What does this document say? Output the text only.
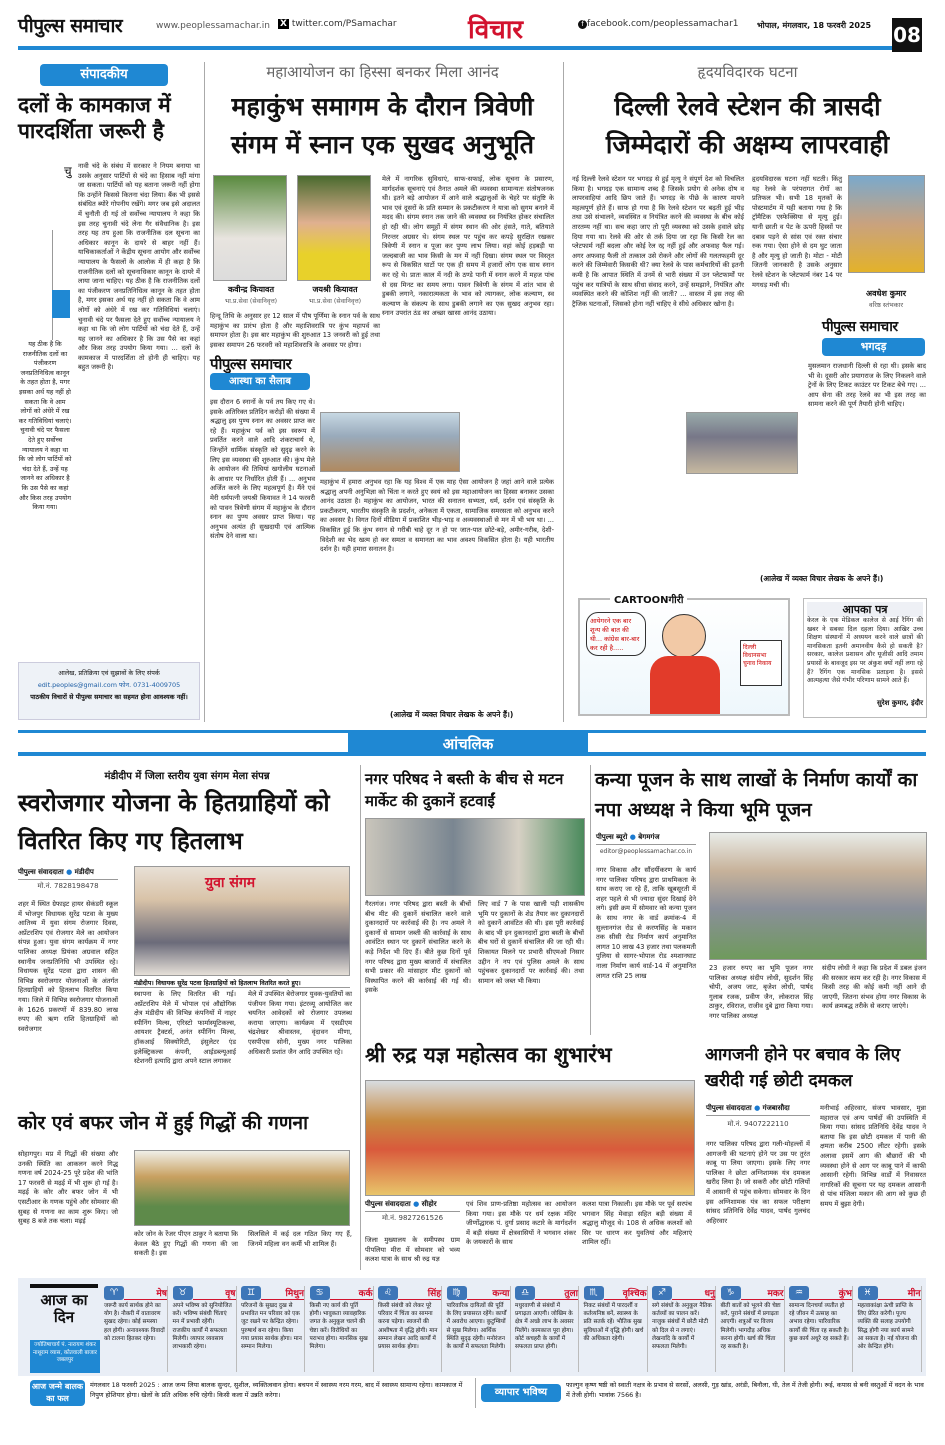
पीपुल्स समाचार	www.peoplessamachar.in X twitter.com/PSamachar	विचार	f facebook.com/peoplessamachar1 भोपाल, मंगलवार, 18 फरवरी 2025 08
संपादकीय
दलों के कामकाज में पारदर्शिता जरूरी है
यह ठीक है कि राजनीतिक दलों का पंजीकरण जनप्रतिनिधित्व कानून के तहत होता है, मगर इसका अर्थ यह नहीं हो सकता कि वे आम लोगों को अंधेरे में रख कर गतिविधियां चलाएं। चुनावी चंदे पर फैसला देते हुए सर्वोच्च न्यायालय ने कहा था कि जो लोग पार्टियों को चंदा देते हैं, उन्हें यह जानने का अधिकार है कि उस पैसे का कहां और किस तरह उपयोग किया गया।
चु नावी चंदे के संबंध में सरकार ने नियम बनाया था उसके अनुसार पार्टियों से चंदे का हिसाब नहीं मांगा जा सकता। पार्टियों को यह बताना जरूरी नहीं होगा कि उन्होंने किससे कितना चंदा लिया। बैंक भी इससे संबंधित ब्योरे गोपनीय रखेंगे। मगर जब इसे अदालत में चुनौती दी गई तो सर्वोच्च न्यायालय ने कहा कि इस तरह चुनावी चंदे लेना गैर संवैधानिक है। इस तरह यह तय हुआ कि राजनीतिक दल सूचना का अधिकार कानून के दायरे से बाहर नहीं हैं। याचिकाकर्ताओं ने केंद्रीय सूचना आयोग और सर्वोच्च न्यायालय के फैसलों के आलोक में ही कहा है कि राजनीतिक दलों को सूचनाधिकार कानून के दायरे में लाया जाना चाहिए। यह ठीक है कि राजनीतिक दलों का पंजीकरण जनप्रतिनिधित्व कानून के तहत होता है, मगर इसका अर्थ यह नहीं हो सकता कि वे आम लोगों को अंधेरे में रख कर गतिविधियां चलाएं। चुनावी चंदे पर फैसला देते हुए सर्वोच्च न्यायालय ने कहा था कि जो लोग पार्टियों को चंदा देते हैं, उन्हें यह जानने का अधिकार है कि उस पैसे का कहां और किस तरह उपयोग किया गया। ... दलों के कामकाज में पारदर्शिता तो होनी ही चाहिए। यह बहुत जरूरी है।
आलेख, प्रतिक्रिया एवं सुझावों के लिए संपर्क
edit.peoples@gmail.com फोन. 0731-4009705
पाठकीय विचारों से पीपुल्स समाचार का सहमत होना आवश्यक नहीं।
महाआयोजन का हिस्सा बनकर मिला आनंद
महाकुंभ समागम के दौरान त्रिवेणी संगम में स्नान एक सुखद अनुभूति
कवीन्द्र कियावत
भा.प्र.सेवा (सेवानिवृत्त)
जयश्री कियावत
भा.प्र.सेवा (सेवानिवृत्त)
हिन्दू तिथि के अनुसार हर 12 साल में पौष पूर्णिमा के स्नान पर्व के साथ महाकुंभ का प्रारंभ होता है और महाशिवरात्रि पर कुंभ महापर्व का समापन होता है। इस बार महाकुंभ की शुरुआत 13 जनवरी को हुई तथा इसका समापन 26 फरवरी को महाशिवरात्रि के अवसर पर होगा।
पीपुल्स समाचार
आस्था का सैलाब
इस दौरान 6 स्नानों के पर्व तय किए गए थे। इसके अतिरिक्त प्रतिदिन करोड़ों की संख्या में श्रद्धालु इस पुण्य स्नान का अवसर प्राप्त कर रहे हैं। महाकुंभ पर्व को इस स्वरूप में प्रवर्तित करने वाले आदि शंकराचार्य थे, जिन्होंने धार्मिक संस्कृति को सुदृढ़ करने के लिए इस व्यवस्था की शुरुआत की। कुंभ मेले के आयोजन की तिथियां खगोलीय घटनाओं के आधार पर निर्धारित होती हैं। ... अनुभव अर्जित करने के लिए महत्वपूर्ण है। मैंने एवं मेरी धर्मपत्नी जयश्री कियावत ने 14 फरवरी को पावन त्रिवेणी संगम में महाकुंभ के दौरान स्नान का पुण्य अवसर प्राप्त किया। यह अनुभव अत्यंत ही सुखदायी एवं आत्मिक संतोष देने वाला था।
मेले में नागरिक सुविधाएं, साफ-सफाई, लोक सूचना के प्रसारण, मार्गदर्शक सूचनाएं एवं तैनात अमले की व्यवस्था सामान्यतः संतोषजनक थी। इतने बड़े आयोजन में आने वाले श्रद्धालुओं के चेहरे पर संतुष्टि के भाव एवं दूसरों के प्रति सम्मान के प्रकटीकरण ने यात्रा को सुगम बनाने में मदद की। संगम स्नान तक जाने की व्यवस्था स्व नियंत्रित होकर संचालित हो रही थी। लोग समूहों में संगम स्थान की ओर हंसते, गाते, बतियाते निरन्तर अग्रसर थे। संगम स्थल पर पहुंच कर कपड़े सुरक्षित रखकर त्रिवेणी में स्नान व पूजा कर पुण्य लाभ लिया। वहां कोई हड़बड़ी या जल्दबाजी का भाव किसी के मन में नहीं दिखा। संगम स्थल पर विस्तृत रूप से विकसित घाटों पर एक ही समय में हजारों लोग एक साथ स्नान कर रहे थे। प्रातः काल में नदी के ठण्डे पानी में स्नान करने में महज पांच से दस मिनट का समय लगा। पावन त्रिवेणी के संगम में शांत भाव से डुबकी लगाने, नकारात्मकता के भाव को त्यागकर, लोक कल्याण, स्व कल्याण के संकल्प के साथ डुबकी लगाने का एक सुखद अनुभव रहा। स्नान उपरांत ठंड का अच्छा खासा आनंद उठाया।
महाकुंभ में हमारा अनुभव रहा कि यह विश्व में एक माह ऐसा आयोजन है जहां आने वाले प्रत्येक श्रद्धालु अपनी अनुभिज्ञा को चिंता न करते हुए स्वयं को इस महाआयोजन का हिस्सा बनाकर उसका आनंद उठाता है। महाकुंभ का आयोजन, भारत की सनातन सभ्यता, धर्म, दर्शन एवं संस्कृति के प्रकटीकरण, भारतीय संस्कृति के प्रदर्शन, अनेकता में एकता, सामाजिक समरसता को अनुभव करने का अवसर है। विगत दिनों मीडिया में प्रकाशित भीड़-भाड़ व अव्यवस्थाओं से मन में भी भय था। ... विकसित हुई कि कुंभ स्नान से गरीबी चाहे दूर न हो पर जात-पात छोटे-बड़े, अमीर-गरीब, देशी-विदेशी का भेद खत्म हो कर समता व समानता का भाव अवश्य विकसित होता है। यही भारतीय दर्शन है। यही हमारा सनातन है।
(आलेख में व्यक्त विचार लेखक के अपने हैं।)
हृदयविदारक घटना
दिल्ली रेलवे स्टेशन की त्रासदी जिम्मेदारों की अक्षम्य लापरवाही
नई दिल्ली रेलवे स्टेशन पर भगदड़ से हुई मृत्यु ने संपूर्ण देश को विचलित किया है। भगदड़ एक सामान्य शब्द है जिसके प्रयोग से अनेक दोष व लापरवाहियां आदि छिप जाते हैं। भगदड़ के पीछे के कारण मायने महत्वपूर्ण होते हैं। साफ हो गया है कि रेलवे स्टेशन पर बढ़ती हुई भीड़ तथा उसे संभालने, व्यवस्थित व नियंत्रित करने की व्यवस्था के बीच कोई तारतम्य नहीं था। सच कहा जाए तो पूरी व्यवस्था को उसके हवाले छोड़ दिया गया था। रेलवे की ओर से तर्क दिया जा रहा कि किसी रेल का प्लेटफार्म नहीं बदला और कोई रेल रद्द नहीं हुई और अफवाह फैल गई। अगर अफवाह फैली तो तत्काल उसे रोकने और लोगों की गलतफहमी दूर करने की जिम्मेवारी किसकी थी? क्या रेलवे के पास कर्मचारियों की इतनी कमी है कि आपात स्थिति में उनमें से भारी संख्या में उन प्लेटफार्मों पर पहुंच कर यात्रियों के साथ सीधा संवाद करने, उन्हें समझाने, नियंत्रित और व्यवस्थित करने की कोशिश नहीं की जाती? ... वास्तव में इस तरह की ट्रैजिक घटनाओं, जिसको होना नहीं चाहिए वे सीधे अधिकार खोना है।
हृदयविदारक घटना नहीं घटती। किंतु यह रेलवे के परंपरागत रोगों का प्रतिफल भी। सभी 18 मृतकों के पोस्टमार्टम में यही बताया गया है कि ट्रॉमैटिक एस्फेक्सिया से मृत्यु हुई। यानी छाती व पेट के ऊपरी हिस्सों पर दबाव पड़ने से सांस एवं रक्त संचार रुक गया। ऐसा होने से दम घुट जाता है और मृत्यु हो जाती है। मोटा - मोटी जितनी जानकारी है उसके अनुसार रेलवे स्टेशन के प्लेटफार्म नंबर 14 पर मगधड़ मची थी।
अवधेश कुमार
वरिष्ठ स्तंभकार
पीपुल्स समाचार
भगदड़
मुसलमान राजधानी दिल्ली से रहा थी। इसके बाद भी वे। दूसरी ओर प्रयागराज के लिए निकलने वाले ट्रेनों के लिए टिकट काउंटर पर टिकट बेचे गए। ... आप सेना की तरह रेलवे का भी इस तरह का सामना करने की पूर्ण तैयारी होनी चाहिए।
(आलेख में व्यक्त विचार लेखक के अपने हैं।)
CARTOONगीरी
आयेगरने एक बार शून्य की बात की थी... कांग्रेस बार-बार कर रही है.....	दिल्ली विधानसभा चुनाव निकाय
आपका पत्र
केरल के एक मेडिकल कालेज से आई रैगिंग की खबर ने सबका दिल दहला दिया। आखिर उच्च शिक्षण संस्थानों में अध्ययन करने वाले छात्रों की मानसिकता इतनी अमानवीय कैसे हो सकती है? सरकार, कालेज प्रशासन और यूजीसी आदि तमाम प्रयासों के बावजूद इस पर अंकुश क्यों नहीं लगा रहे हैं? रैगिंग एक मानसिक प्रताड़ना है। इससे आत्महत्या जैसे गंभीर परिणाम सामने आते हैं।
सुरेश कुमार, इंदौर
आंचलिक
मंडीदीप में जिला स्तरीय युवा संगम मेला संपन्न
स्वरोजगार योजना के हितग्राहियों को वितरित किए गए हितलाभ
पीपुल्स संवाददाता ● मंडीदीप
मो.नं. 7828198478
शहर में स्थित ग्रेफाइट हायर सेकंडरी स्कूल में भोजपुर विधायक सुरेंद्र पटवा के मुख्य आतिथ्य में युवा संगम रोजगार दिवस, अप्रेंटरशिप एवं रोजगार मेले का आयोजन संपन्न हुआ। युवा संगम कार्यक्रम में नगर पालिका अध्यक्ष प्रियंका अग्रवाल सहित स्थानीय जनप्रतिनिधि भी उपस्थित रहे। विधायक सुरेंद्र पटवा द्वारा शासन की विभिन्न स्वरोजगार योजनाओं के अंतर्गत हितग्राहियों को हितलाभ वितरित किया गया। जिले में विभिन्न स्वरोजगार योजनाओं के 1626 प्रकरणों में 839.80 लाख रुपए की ऋण राशि हितग्राहियों को स्वरोजगार
युवा संगम
मंडीदीप। विधायक सुरेंद्र पटवा हितग्राहियों को हितलाभ वितरित करते हुए।
स्थापना के लिए वितरित की गई। अप्रेंटरशिप मेले में भोपाल एवं औद्योगिक क्षेत्र मंडीदीप की विभिन्न कंपनियों में नाहर स्पीनिंग मिल्स, एरिस्टो फार्मास्यूटिकल्स, आयशर ट्रैक्टर्स, अनंत स्पीनिंग मिल्स, हॉकआई सिक्योरिटी, इंसुलेटर एंड इलेक्ट्रिकल्स कंपनी, आईडब्ल्यूआई स्टेशनरी इत्यादि द्वारा अपने स्टाल लगाकर
मेले में उपस्थित बेरोजगार युवक-युवतियों का पंजीयन किया गया। इंटरव्यू आयोजित कर चयनित आवेदकों को रोजगार उपलब्ध कराया जाएगा। कार्यक्रम में एसडीएम चंद्रशेखर श्रीवास्तव, वृंदावन मीणा, एसपीएस सोनी, मुख्य नगर पालिका अधिकारी प्रशांत जैन आदि उपस्थित रहे।
कोर एवं बफर जोन में हुई गिद्धों की गणना
सोहागपुर। मप्र में गिद्धों की संख्या और उनकी स्थिति का आकलन करने गिद्ध गणना वर्ष 2024-25 पूरे प्रदेश की भांति 17 फरवरी से मढ़ई में भी शुरू हो गई है। मढ़ई के कोर और बफर जोन में भी एसटीआर के गणक पहुंचे और सोमवार की सुबह से गणना का काम शुरू किए। जो सुबह 8 बजे तक चला। मढ़ई
कोर जोन के रेंजर पीएन ठाकुर ने बताया कि केवल बैठे हुए गिद्धों की गणना की जा सकती है। इस
सिलसिले में कई दल गठित किए गए हैं, जिनमें महिला वन कर्मी भी शामिल हैं।
नगर परिषद ने बस्ती के बीच से मटन मार्केट की दुकानें हटवाईं
गैरतगंज। नगर परिषद द्वारा बस्ती के बीचों बीच मीट की दुकानें संचालित करने वाले दुकानदारों पर कार्रवाई की है। नप अमले ने दुकानों से सामान जब्ती की कार्रवाई के साथ आवंटित स्थान पर दुकानें संचालित करने के कड़े निर्देश भी दिए हैं। बीते कुछ दिनों पूर्व नगर परिषद द्वारा मुख्य बाजारों में संचालित सभी प्रकार की मांसाहार मीट दुकानों को विस्थापित करने की कार्रवाई की गई थी। इसके
लिए वार्ड 7 के पास खाली पड़ी शासकीय भूमि पर दुकानों के शेड तैयार कर दुकानदारों को दुकानें आवंटित की थी। इस पूरी कार्रवाई के बाद भी इन दुकानदारों द्वारा बस्ती के बीचों बीच घरों से दुकानें संचालित की जा रही थी। शिकायत मिलने पर प्रभारी सीएमओ निसार उद्दीन ने नप एवं पुलिस अमले के साथ पहुंचकर दुकानदारों पर कार्रवाई की। तथा सामान को जब्त भी किया।
कन्या पूजन के साथ लाखों के निर्माण कार्यों का नपा अध्यक्ष ने किया भूमि पूजन
पीपुल्स ब्यूरो ● बेगमगंज
editor@peoplessamachar.co.in
नगर विकास और सौंदर्यीकरण के कार्य नगर पालिका परिषद द्वारा प्राथमिकता के साथ कराए जा रहे हैं, ताकि खूबसूरती में शहर पहले से भी ज्यादा सुंदर दिखाई देने लगे। इसी क्रम में सोमवार को कन्या पूजन के साथ नगर के वार्ड क्रमांक-4 में सुल्तानगंज रोड से करणसिंह के मकान तक सीसी रोड निर्माण कार्य अनुमानित लागत 10 लाख 43 हजार तथा पलकमती पुलिया से सागर-भोपाल रोड श्मशानघाट नाला निर्माण कार्य वार्ड-14 में अनुमानित लागत राशि 25 लाख
23 हजार रुपए का भूमि पूजन नगर पालिका अध्यक्ष संदीप लोधी, सुदर्शन सिंह चोपी, अजय जाट, बृजेश लोधी, पार्षद गुलाब रजक, प्रवीण जैन, लोकराज सिंह ठाकुर, रविराज, राजीव दुबे द्वारा किया गया। नगर पालिका अध्यक्ष
संदीप लोधी ने कहा कि प्रदेश में डबल इंजन की सरकार काम कर रही है। नगर विकास में किसी तरह की कोई कमी नहीं आने दी जाएगी, जितना संभव होगा नगर विकास के कार्य क्रमबद्ध तरीके से कराए जाएंगे।
श्री रुद्र यज्ञ महोत्सव का शुभारंभ
पीपुल्स संवाददाता ● सीहोर
मो.नं. 9827261526
जिला मुख्यालय के समीपस्थ ग्राम पीपलिया मीरा में सोमवार को भव्य कलश यात्रा के साथ श्री रुद्र यज्ञ
एवं शिव प्राण-प्रतिष्ठा महोत्सव का आयोजन किया गया। इस मौके पर धर्म रक्षक मंदिर जीर्णोद्धारक पं. दुर्गा प्रसाद कटारे के मार्गदर्शन में बड़ी संख्या में क्षेत्रवासियों ने भगवान शंकर के जयकारों के साथ
कलश यात्रा निकाली। इस मौके पर पूर्व सरपंच भगवान सिंह मेवाड़ा सहित बड़ी संख्या में श्रद्धालु मौजूद थे। 108 से अधिक कलशों को सिर पर धारण कर युवतियां और महिलाएं शामिल रहीं।
आगजनी होने पर बचाव के लिए खरीदी गई छोटी दमकल
पीपुल्स संवाददाता ● गंजबासौदा
मो.नं. 9407222110
नगर पालिका परिषद द्वारा गली-मोहल्लों में आगजनी की घटनाएं होने पर उस पर तुरंत काबू पा लिया जाएगा। इसके लिए नगर पालिका ने छोटा अग्निशामक यंत्र दमकल खरीद लिया है। जो सकरी और छोटी गलियों में आसानी से पहुंच सकेगा। सोमवार के दिन इस अग्निशामक यंत्र का सफल परीक्षण सांसद प्रतिनिधि देवेंद्र यादव, पार्षद गुलचंद अहिरवार
मनीभाई अहिरवार, संजय भावसार, मुन्ना महाराज एवं अन्य पार्षदों की उपस्थिति में किया गया। सांसद प्रतिनिधि देवेंद्र यादव ने बताया कि इस छोटी दमकल में पानी की क्षमता करीब 2500 लीटर रहेगी। इसके अलावा इसमें आग की बौछारों की भी व्यवस्था होने से आग पर काबू पाने में काफी आसानी रहेगी। विभिन्न वार्डों में निवासरत नागरिकों की सूचना पर यह दमकल आसानी से पांच मंजिला मकान की आग को कुछ ही समय में बुझा देगी।
आज का दिन
ज्योतिषाचार्य पं. नारायण शंकर नाथूराम व्यास, कोतवाली बाजार जबलपुर
♈	मेष
जरूरी कार्य सार्थक होने का योग है। नौकरी में वातावरण सुखद रहेगा। कोई समस्या हल होगी। अनावश्यक विवादों को टालना हितकर रहेगा।
♉	वृष
अपने भविष्य को सुनियोजित करें। भविष्य संबंधी चिंताएं मन में प्रभावी रहेंगी। राजकीय कार्यों में सफलता मिलेगी। व्यापार व्यवसाय लाभकारी रहेगा।
♊	मिथुन
परिजनों के सुखद दुख से प्रभावित मन परिवार को एक जुट रखने पर केन्द्रित रहेगा। पुरुषार्थ बना रहेगा। किया गया प्रयास सार्थक होगा। मान सम्मान मिलेगा।
♋	कर्क
किसी नए कार्य की पूर्ति होगी। भावुकता व्यावहारिक जगत के अनुकूल चलने की चेष्टा करें। विरोधियों का पराभव होगा। मानसिक सुख मिलेगा।
♌	सिंह
किसी संबंधी को लेकर पूरे परिवार में चिंता का सामना करना पड़ेगा। स्वजनों की आशीषता में वृद्धि होगी। मान सम्मान लेखन आदि कार्यों में प्रयास सार्थक होगा।
♍	कन्या
पारिवारिक दायित्वों की पूर्ति के लिए प्रयासरत रहेंगे। कार्यों में अवरोध आएगा। कुटुम्बियों से सुख मिलेगा। आर्थिक स्थिति सुदृढ़ रहेगी। मनोरंजन के कार्यों में सफलता मिलेगी।
♎	तुला
मधुरवाणी से संबंधों में प्रगाढ़ता आएगी। जोखिम के क्षेत्र में अच्छे लाभ के अवसर मिलेंगे। कामकाज पूरा होगा। कोर्ट कचहरी के कार्यों में सफलता प्राप्त होगी।
♏	वृश्चिक
निकट संबंधों में पारदर्शी व कर्तव्यनिष्ठ बनें, स्वास्थ्य के प्रति सतर्क रहें। भौतिक सुख सुविधाओं में वृद्धि होगी। खर्च की अधिकता रहेगी।
♐	धनु
सगे संबंधों के अनुकूल नैतिक कर्तव्यों का पालन करें। नाजुक संबंधों में छोटी मोटी को दिल से न लगाएं। लेखनादि के कार्यों में सफलता मिलेगी।
♑	मकर
बीती बातों को भूलने की चेष्टा करें, पुराने संबंधों में प्रगाढ़ता आएगी। शत्रुओं पर विजय मिलेगी। भागदौड़ अधिक करना होगी। खर्च की चिंता रह सकती है।
♒	कुंभ
सामान्य दिनचर्या व्यतीत हो रहे जीवन में उत्साह का अभाव रहेगा। पारिवारिक कार्यों की चिंता रह सकती है। कुछ कार्य अधूरे रह सकते हैं।
♓	मीन
महत्वाकांक्षा ऊंची प्राप्ति के लिए प्रेरित करेगी। पूज्य व्यक्ति की सलाह उपयोगी सिद्ध होगी नया कार्य सामने आ सकता है। नई योजना की ओर केन्द्रित होंगे।
आज जन्मे बालक का फल
मंगलवार 18 फरवरी 2025 : आज जन्म लिया बालक सुन्दर, सुशील, व्यक्तित्ववान होगा। बचपन में स्वास्थ्य नरम गरम, बाद में स्वास्थ्य सामान्य रहेगा। कामकाज में निपुण होशियार होगा। खेलों के प्रति अधिक रुचि रहेगी। किसी कला में उन्नति करेगा।	व्यापार भविष्य
फाल्गुन कृष्ण षष्ठी को स्वाती नक्षत्र के प्रभाव से सरसों, अलसी, गुड़ खांड, अरंडी, बिनौला, घी, तेल में तेजी होगी। रूई, कपास से बनी वस्तुओं में वदन के भाव में तेजी होगी। भावांक 7566 है।
